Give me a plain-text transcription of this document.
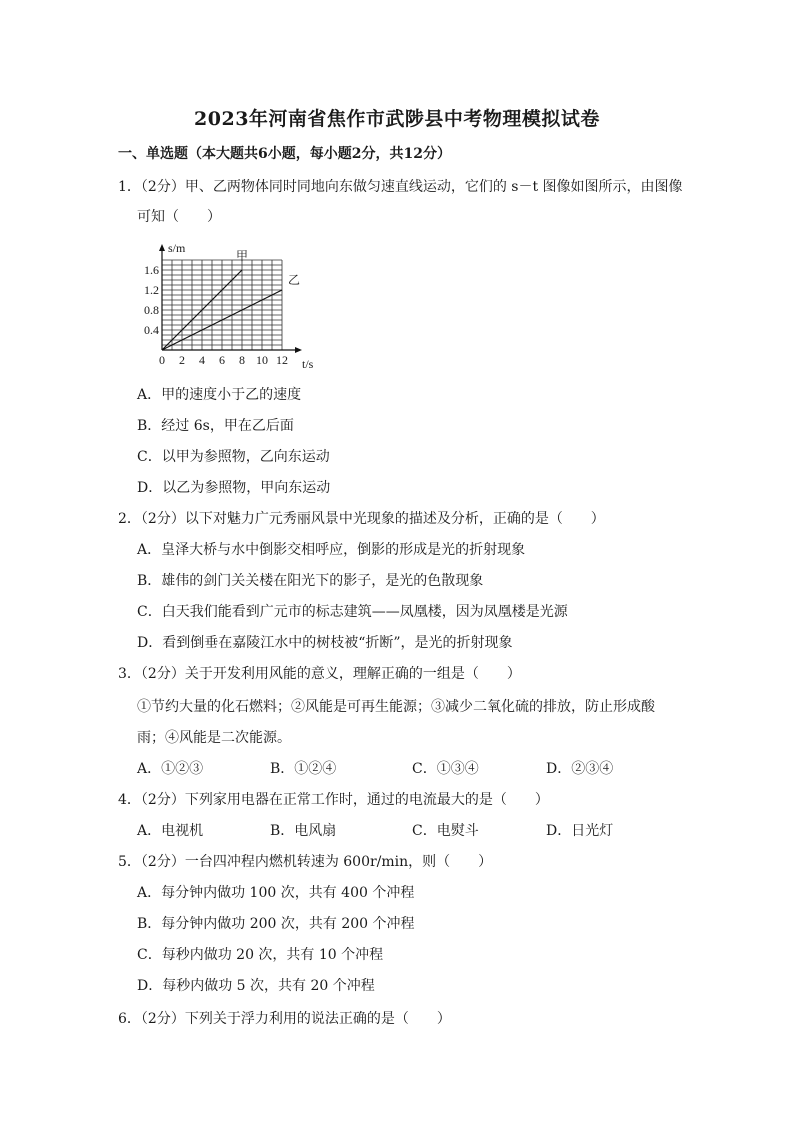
2023年河南省焦作市武陟县中考物理模拟试卷
一、单选题（本大题共6小题，每小题2分，共12分）
1．（2分）甲、乙两物体同时同地向东做匀速直线运动，它们的 s－t 图像如图所示，由图像
可知（　　）
0 2 4 6 8 10 12
0.4
0.8
1.2
1.6
甲
乙
s/m
t/s
A．甲的速度小于乙的速度
B．经过 6s，甲在乙后面
C．以甲为参照物，乙向东运动
D．以乙为参照物，甲向东运动
2．（2分）以下对魅力广元秀丽风景中光现象的描述及分析，正确的是（　　）
A．皇泽大桥与水中倒影交相呼应，倒影的形成是光的折射现象
B．雄伟的剑门关关楼在阳光下的影子，是光的色散现象
C．白天我们能看到广元市的标志建筑——凤凰楼，因为凤凰楼是光源
D．看到倒垂在嘉陵江水中的树枝被“折断”，是光的折射现象
3．（2分）关于开发利用风能的意义，理解正确的一组是（　　）
①节约大量的化石燃料；②风能是可再生能源；③减少二氧化硫的排放，防止形成酸
雨；④风能是二次能源。
A．①②③	B．①②④	C．①③④	D．②③④
4．（2分）下列家用电器在正常工作时，通过的电流最大的是（　　）
A．电视机	B．电风扇	C．电熨斗	D．日光灯
5．（2分）一台四冲程内燃机转速为 600r/min，则（　　）
A．每分钟内做功 100 次，共有 400 个冲程
B．每分钟内做功 200 次，共有 200 个冲程
C．每秒内做功 20 次，共有 10 个冲程
D．每秒内做功 5 次，共有 20 个冲程
6．（2分）下列关于浮力利用的说法正确的是（　　）
